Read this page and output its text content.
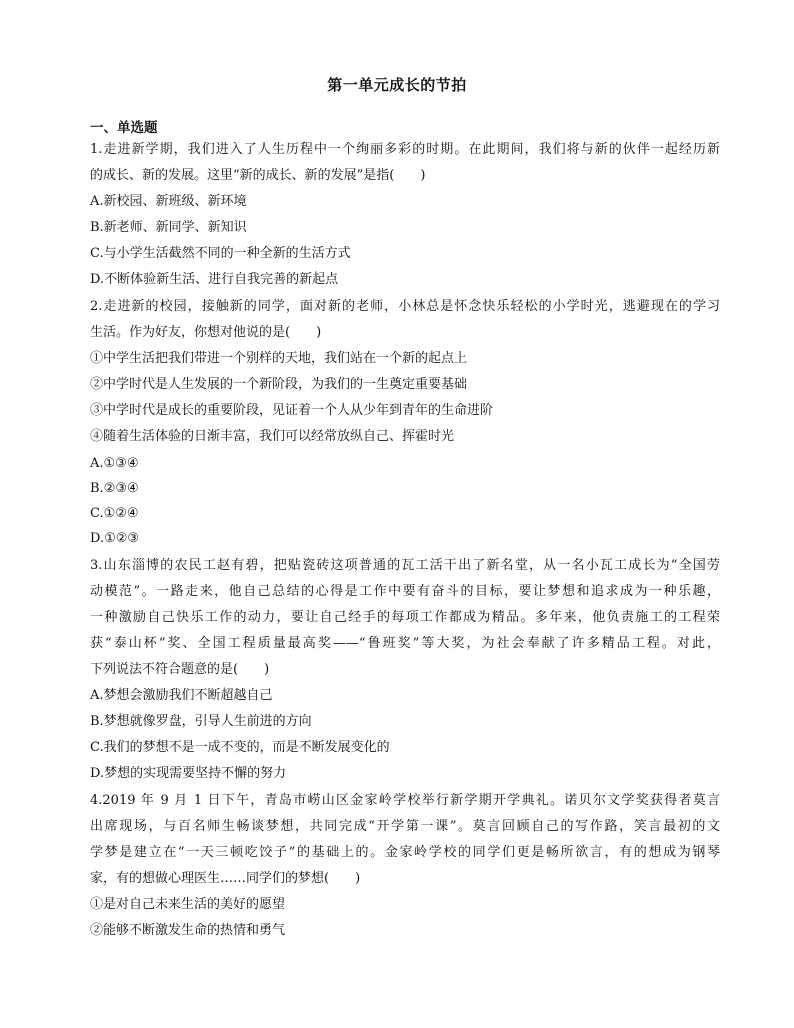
第一单元成长的节拍
一、单选题
1.走进新学期，我们进入了人生历程中一个绚丽多彩的时期。在此期间，我们将与新的伙伴一起经历新
的成长、新的发展。这里“新的成长、新的发展”是指(　　)
A.新校园、新班级、新环境
B.新老师、新同学、新知识
C.与小学生活截然不同的一种全新的生活方式
D.不断体验新生活、进行自我完善的新起点
2.走进新的校园，接触新的同学，面对新的老师，小林总是怀念快乐轻松的小学时光，逃避现在的学习
生活。作为好友，你想对他说的是(　　)
①中学生活把我们带进一个别样的天地，我们站在一个新的起点上
②中学时代是人生发展的一个新阶段，为我们的一生奠定重要基础
③中学时代是成长的重要阶段，见证着一个人从少年到青年的生命进阶
④随着生活体验的日渐丰富，我们可以经常放纵自己、挥霍时光
A.①③④
B.②③④
C.①②④
D.①②③
3.山东淄博的农民工赵有碧，把贴瓷砖这项普通的瓦工活干出了新名堂，从一名小瓦工成长为“全国劳
动模范”。一路走来，他自己总结的心得是工作中要有奋斗的目标，要让梦想和追求成为一种乐趣，
一种激励自己快乐工作的动力，要让自己经手的每项工作都成为精品。多年来，他负责施工的工程荣
获“泰山杯”奖、全国工程质量最高奖——“鲁班奖”等大奖，为社会奉献了许多精品工程。对此，
下列说法不符合题意的是(　　)
A.梦想会激励我们不断超越自己
B.梦想就像罗盘，引导人生前进的方向
C.我们的梦想不是一成不变的，而是不断发展变化的
D.梦想的实现需要坚持不懈的努力
4.2019 年 9 月 1 日下午，青岛市崂山区金家岭学校举行新学期开学典礼。诺贝尔文学奖获得者莫言
出席现场，与百名师生畅谈梦想，共同完成“开学第一课”。莫言回顾自己的写作路，笑言最初的文
学梦是建立在“一天三顿吃饺子”的基础上的。金家岭学校的同学们更是畅所欲言，有的想成为钢琴
家，有的想做心理医生……同学们的梦想(　　)
①是对自己未来生活的美好的愿望
②能够不断激发生命的热情和勇气
